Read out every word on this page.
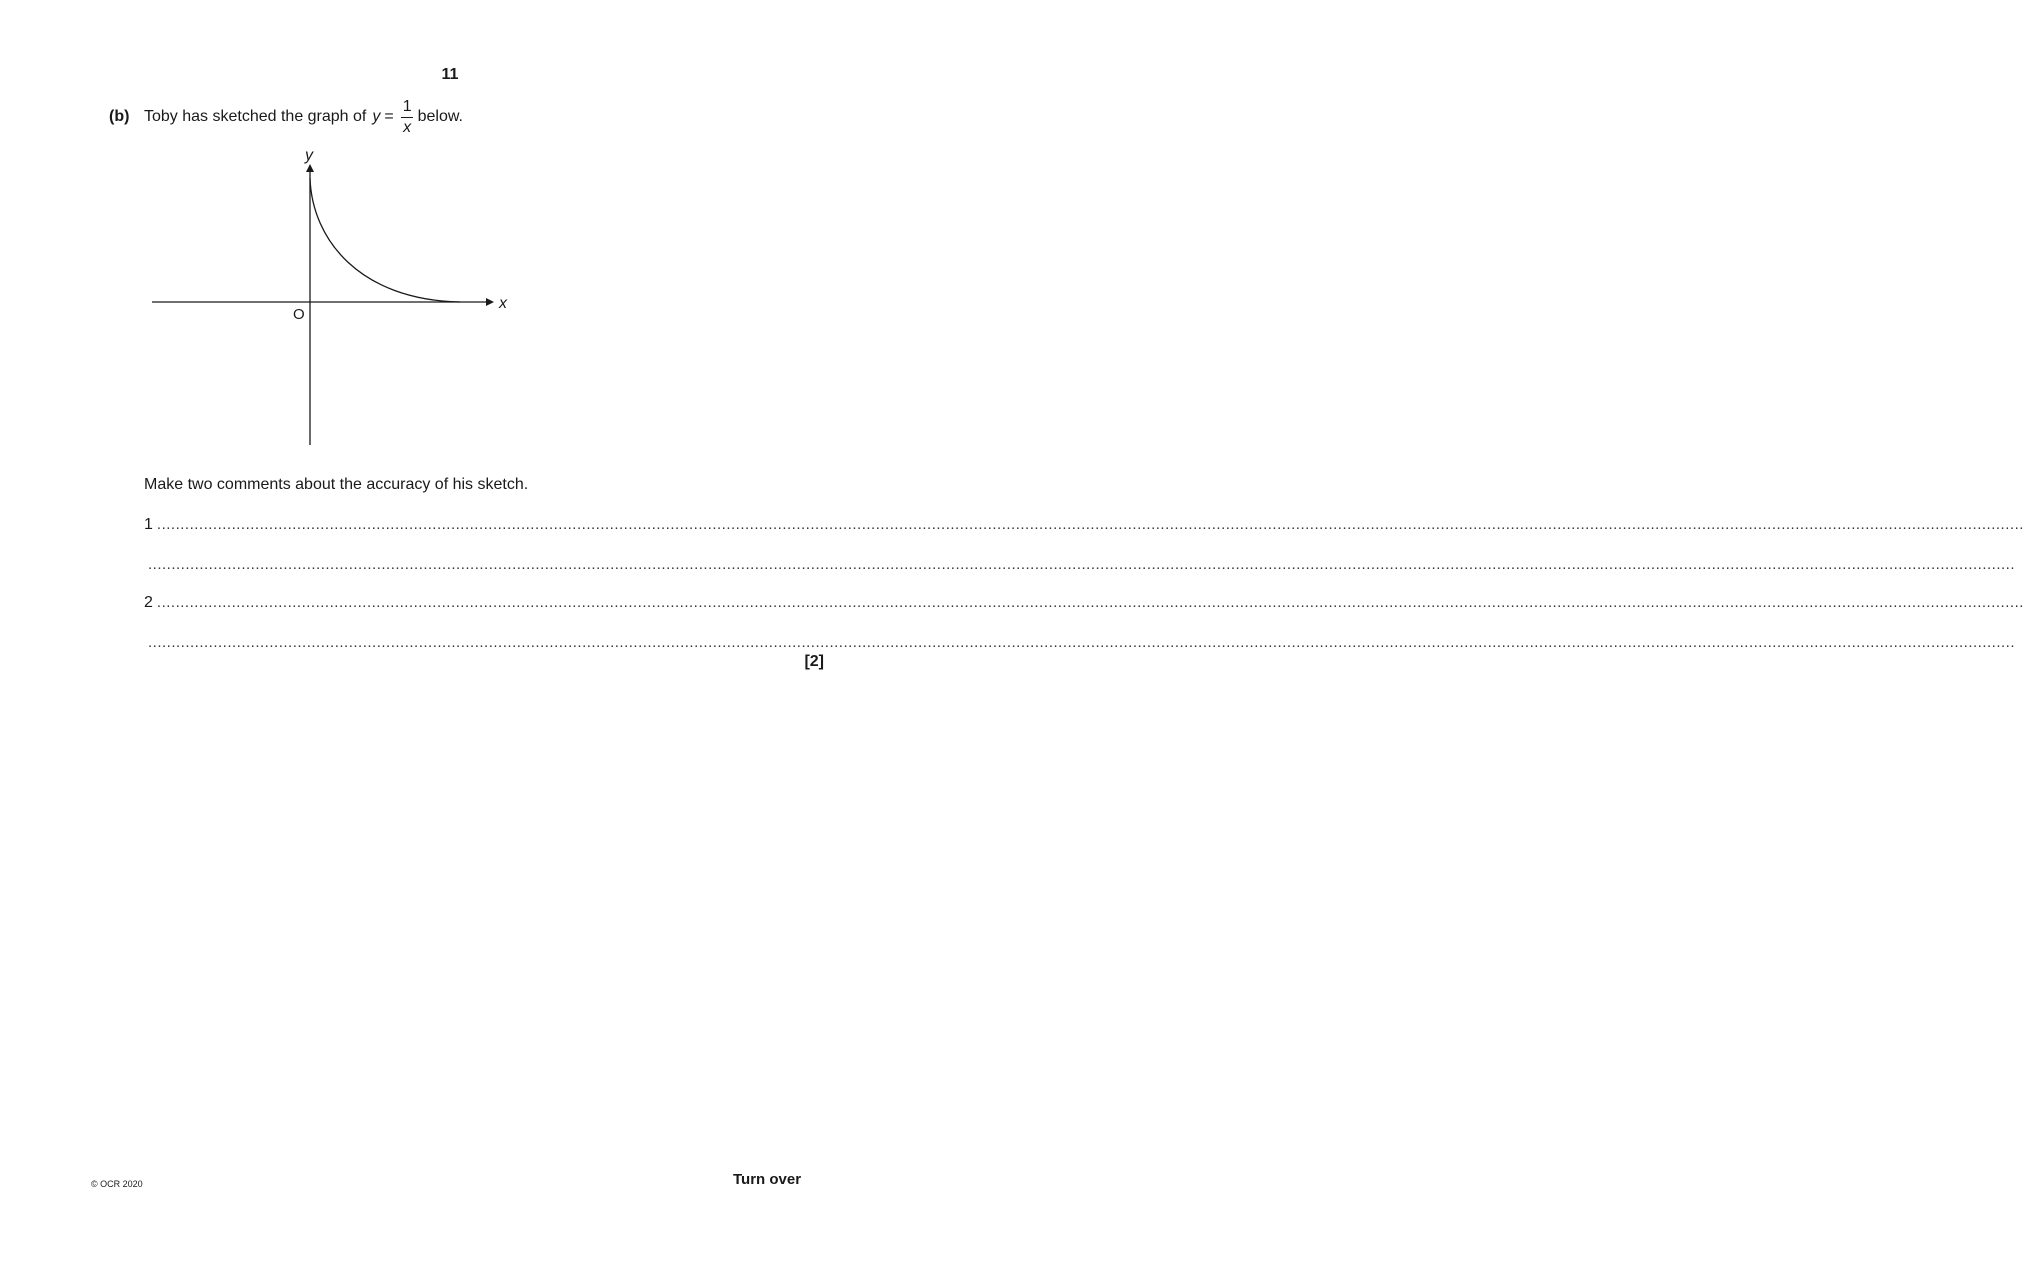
11
(b) Toby has sketched the graph of $y = \frac{1}{x}$ below.
y
x
O
Make two comments about the accuracy of his sketch.
1 ................................................................................................................................................................................................................................................................................................................................................................................................................
................................................................................................................................................................................................................................................................................................................................................................................................................
2 ................................................................................................................................................................................................................................................................................................................................................................................................................
................................................................................................................................................................................................................................................................................................................................................................................................................
[2]
© OCR 2020	Turn over
